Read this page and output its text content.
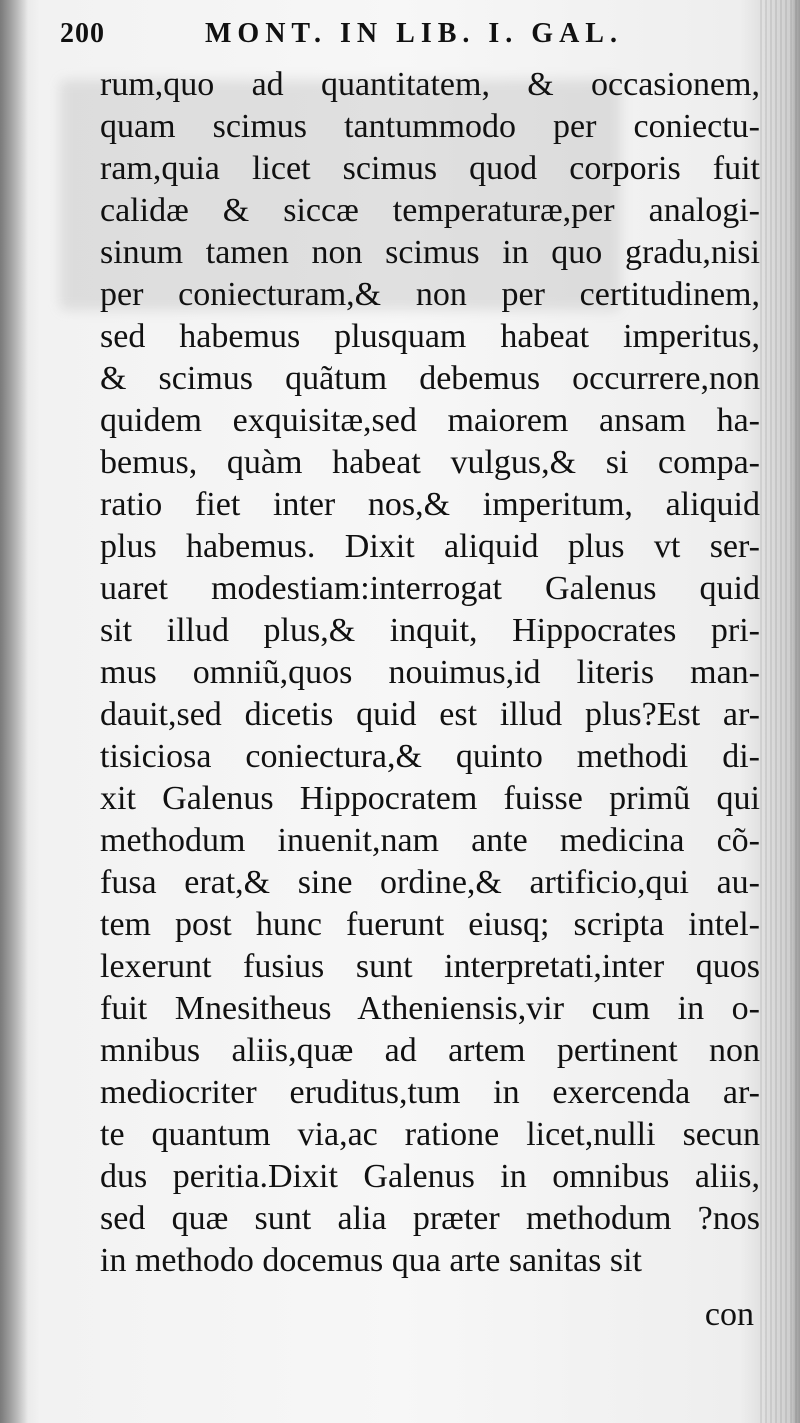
200	MONT. IN LIB. I. GAL.
rum,quo ad quantitatem, & occasionem,
quam scimus tantummodo per coniectu-
ram,quia licet scimus quod corporis fuit
calidæ & siccæ temperaturæ,per analogi-
sinum tamen non scimus in quo gradu,nisi
per coniecturam,& non per certitudinem,
sed habemus plusquam habeat imperitus,
& scimus quãtum debemus occurrere,non
quidem exquisitæ,sed maiorem ansam ha-
bemus, quàm habeat vulgus,& si compa-
ratio fiet inter nos,& imperitum, aliquid
plus habemus. Dixit aliquid plus vt ser-
uaret modestiam:interrogat Galenus quid
sit illud plus,& inquit, Hippocrates pri-
mus omniũ,quos nouimus,id literis man-
dauit,sed dicetis quid est illud plus?Est ar-
tisiciosa coniectura,& quinto methodi di-
xit Galenus Hippocratem fuisse primũ qui
methodum inuenit,nam ante medicina cõ-
fusa erat,& sine ordine,& artificio,qui au-
tem post hunc fuerunt eiusq; scripta intel-
lexerunt fusius sunt interpretati,inter quos
fuit Mnesitheus Atheniensis,vir cum in o-
mnibus aliis,quæ ad artem pertinent non
mediocriter eruditus,tum in exercenda ar-
te quantum via,ac ratione licet,nulli secun
dus peritia.Dixit Galenus in omnibus aliis,
sed quæ sunt alia præter methodum ?nos
in methodo docemus qua arte sanitas sit
con
